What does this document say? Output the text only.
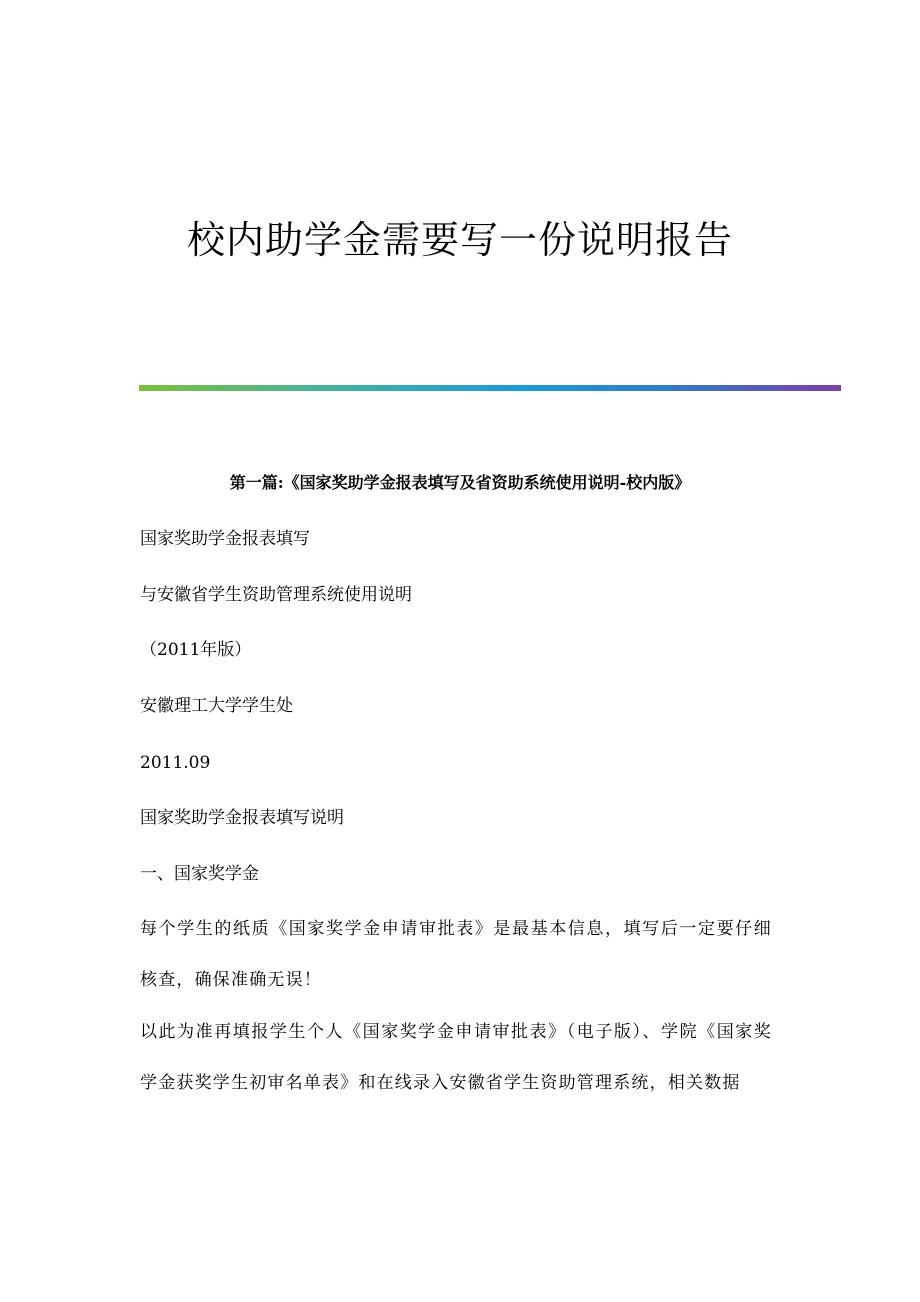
校内助学金需要写一份说明报告
第一篇:《国家奖助学金报表填写及省资助系统使用说明-校内版》

国家奖助学金报表填写

与安徽省学生资助管理系统使用说明

（2011年版）

安徽理工大学学生处

2011.09

国家奖助学金报表填写说明

一、国家奖学金

每个学生的纸质《国家奖学金申请审批表》是最基本信息，填写后一定要仔细核查，确保准确无误！

以此为准再填报学生个人《国家奖学金申请审批表》（电子版）、学院《国家奖学金获奖学生初审名单表》和在线录入安徽省学生资助管理系统，相关数据
